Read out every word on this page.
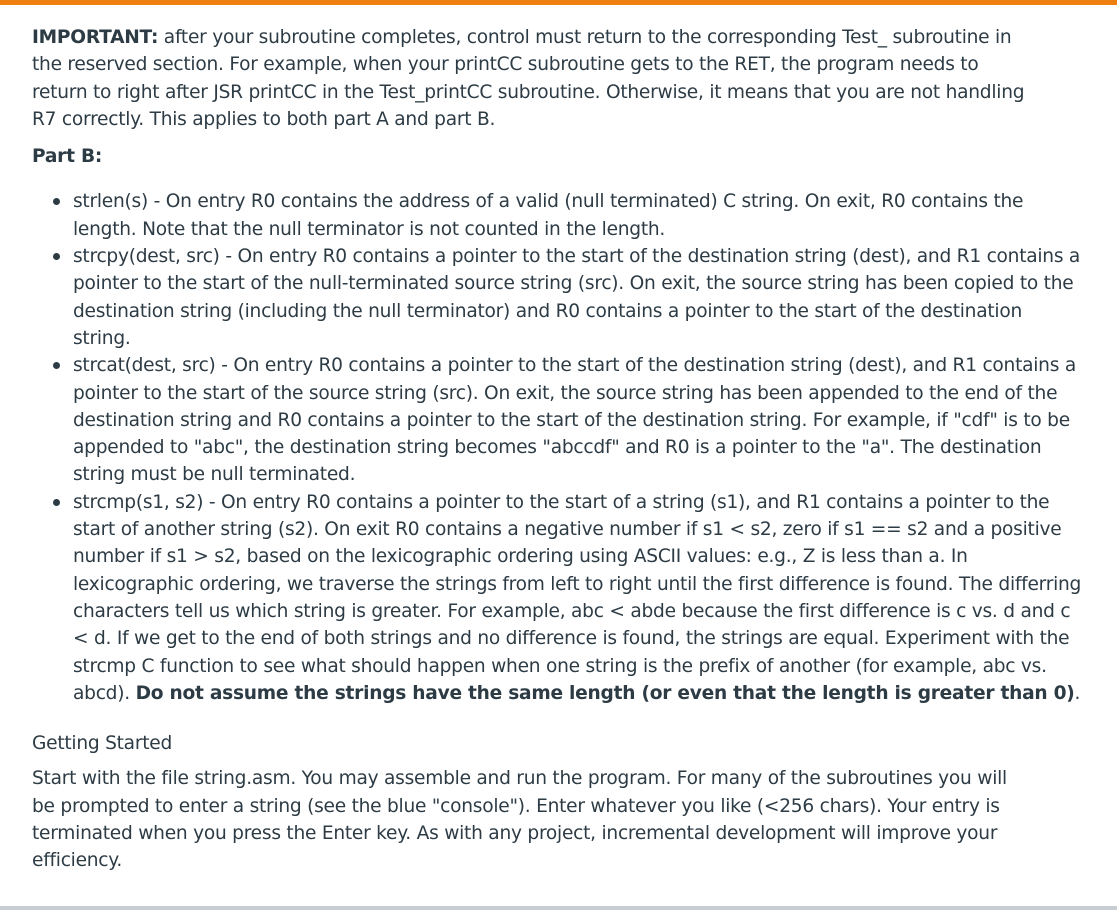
IMPORTANT: after your subroutine completes, control must return to the corresponding Test_ subroutine in the reserved section. For example, when your printCC subroutine gets to the RET, the program needs to return to right after JSR printCC in the Test_printCC subroutine. Otherwise, it means that you are not handling R7 correctly. This applies to both part A and part B.

Part B:

strlen(s) - On entry R0 contains the address of a valid (null terminated) C string. On exit, R0 contains the length. Note that the null terminator is not counted in the length.
strcpy(dest, src) - On entry R0 contains a pointer to the start of the destination string (dest), and R1 contains a pointer to the start of the null-terminated source string (src). On exit, the source string has been copied to the destination string (including the null terminator) and R0 contains a pointer to the start of the destination string.
strcat(dest, src) - On entry R0 contains a pointer to the start of the destination string (dest), and R1 contains a pointer to the start of the source string (src). On exit, the source string has been appended to the end of the destination string and R0 contains a pointer to the start of the destination string. For example, if "cdf" is to be appended to "abc", the destination string becomes "abccdf" and R0 is a pointer to the "a". The destination string must be null terminated.
strcmp(s1, s2) - On entry R0 contains a pointer to the start of a string (s1), and R1 contains a pointer to the start of another string (s2). On exit R0 contains a negative number if s1 < s2, zero if s1 == s2 and a positive number if s1 > s2, based on the lexicographic ordering using ASCII values: e.g., Z is less than a. In lexicographic ordering, we traverse the strings from left to right until the first difference is found. The differring characters tell us which string is greater. For example, abc < abde because the first difference is c vs. d and c < d. If we get to the end of both strings and no difference is found, the strings are equal. Experiment with the strcmp C function to see what should happen when one string is the prefix of another (for example, abc vs. abcd). Do not assume the strings have the same length (or even that the length is greater than 0).

Getting Started

Start with the file string.asm. You may assemble and run the program. For many of the subroutines you will be prompted to enter a string (see the blue "console"). Enter whatever you like (<256 chars). Your entry is terminated when you press the Enter key. As with any project, incremental development will improve your efficiency.
